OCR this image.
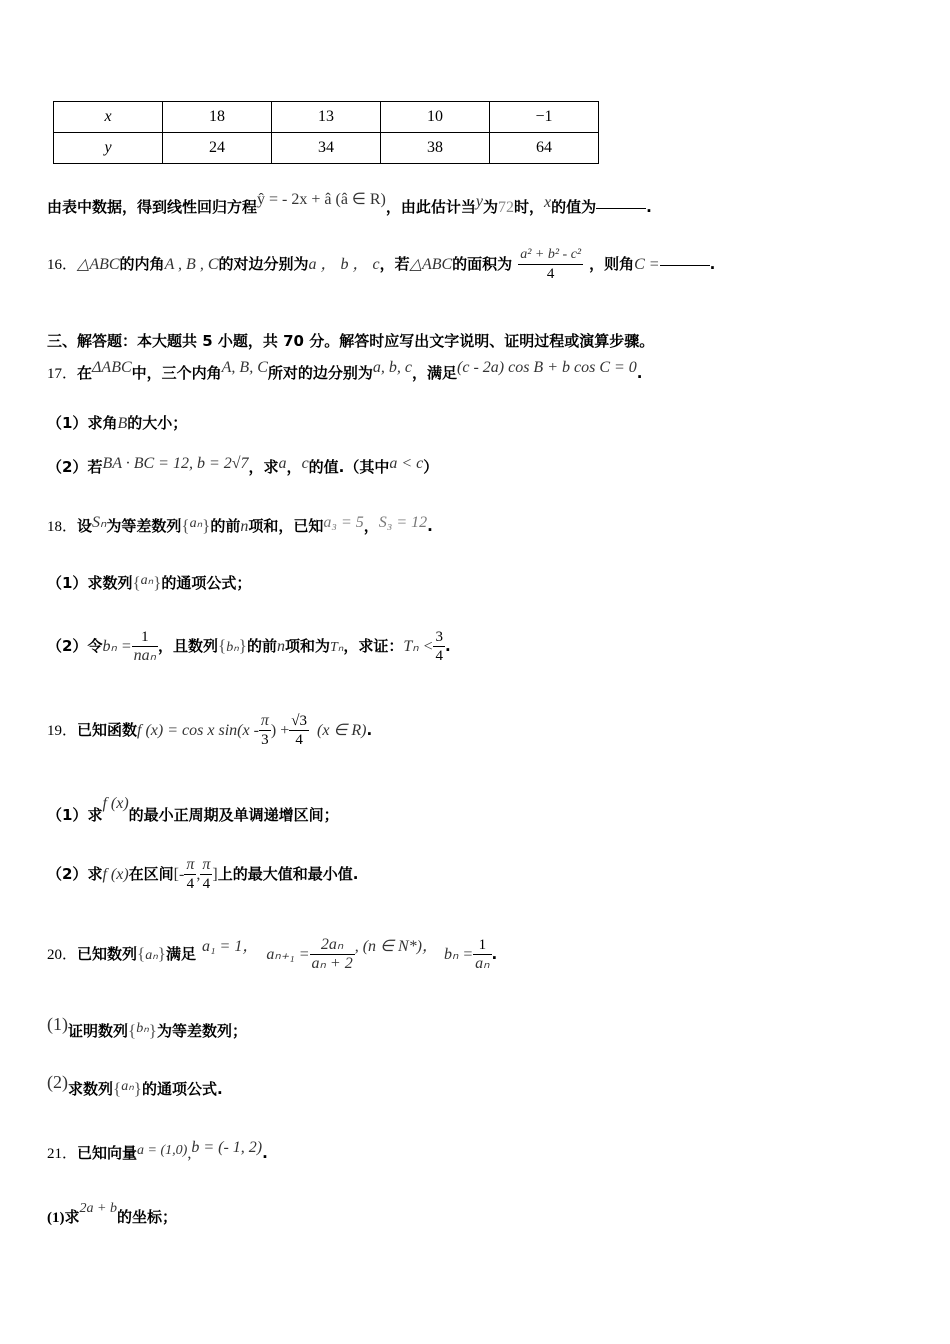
x	18	13	10	−1
y	24	34	38	64
由表中数据，得到线性回归方程ŷ = - 2x + â (â ∈ R)，由此估计当y为72时，x的值为	.
16．△ABC的内角A , B , C的对边分别为a ， b ， c，若△ABC的面积为 $\frac{\text{a² + b² - c²}}{4}$ ，则角C =	.
三、解答题：本大题共 5 小题，共 70 分。解答时应写出文字说明、证明过程或演算步骤。
17．在ΔABC中，三个内角A, B, C所对的边分别为a, b, c，满足(c - 2a) cos B + b cos C = 0.
（1）求角B的大小；
（2）若BA · BC = 12, b = 2√7，求a，c的值.（其中a < c）
18．设Sₙ为等差数列{aₙ}的前n项和，已知a₃ = 5，S₃ = 12.
（1）求数列{aₙ}的通项公式；
（2）令$b_n = \frac{1}{\text{naₙ}}$ ，且数列{bₙ}的前n项和为Tₙ，求证：$T_n < \frac{3}{4}$ .
19．已知函数f (x) = cos x $\sin(x - \frac{\pi}{3}$ ) + $\frac{√3}{4} (x$ ∈ R).
（1）求f (x)的最小正周期及单调递增区间；
（2）求f (x)在区间[- $\frac{\pi}{4}$ , $\frac{\pi}{4}$ ]上的最大值和最小值.
20．已知数列{aₙ}满足 a₁ = 1， $a_{n+1} = \frac{\text{2aₙ}}{\text{aₙ + 2}}$ , (n ∈ N*)， $b_n = \frac{1}{\text{aₙ}}$ .
(1)证明数列{bₙ}为等差数列；
(2)求数列{aₙ}的通项公式.
21．已知向量a = (1,0),b = (- 1, 2).
(1)求2a + b的坐标；
